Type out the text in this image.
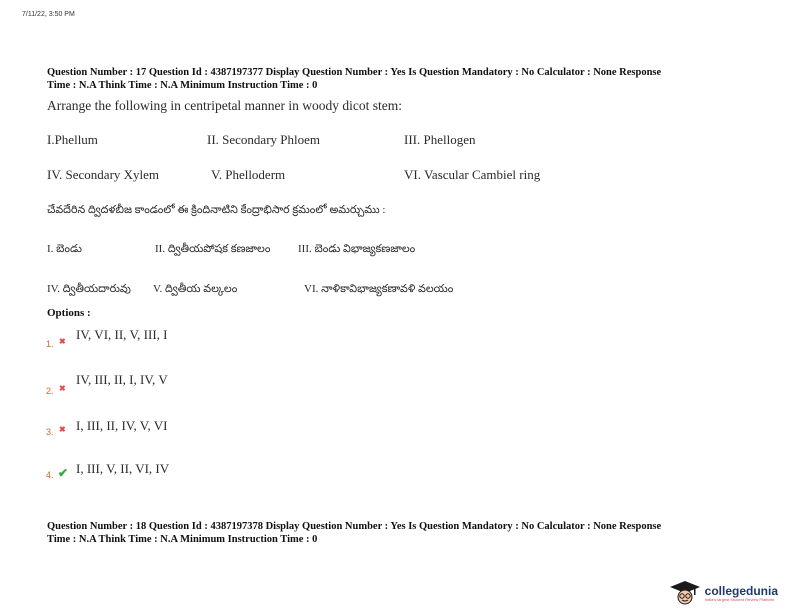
7/11/22, 3:50 PM
Question Number : 17 Question Id : 4387197377 Display Question Number : Yes Is Question Mandatory : No Calculator : None Response
Time : N.A Think Time : N.A Minimum Instruction Time : 0
Arrange the following in centripetal manner in woody dicot stem:
I.Phellum	II. Secondary Phloem	III. Phellogen
IV. Secondary Xylem	V. Phelloderm	VI. Vascular Cambiel ring
చేవదేరిన ద్విదళబీజ కాండంలో ఈ క్రిందినాటిని కేంద్రాభిసార క్రమంలో అమర్చుము :
I. బెండు	II. ద్వితీయపోషక కణజాలం	III. బెండు విభాజ్యకణజాలం
IV. ద్వితీయదారువు V. ద్వితీయ వల్కలం	VI. నాళికావిభాజ్యకణావళి వలయం
Options :
1. ✖ IV, VI, II, V, III, I
2. ✖
IV, III, II, I, IV, V
3. ✖ I, III, II, IV, V, VI
4. ✔ I, III, V, II, VI, IV
Question Number : 18 Question Id : 4387197378 Display Question Number : Yes Is Question Mandatory : No Calculator : None Response
Time : N.A Think Time : N.A Minimum Instruction Time : 0
collegedunia
India's largest Student Review Platform
